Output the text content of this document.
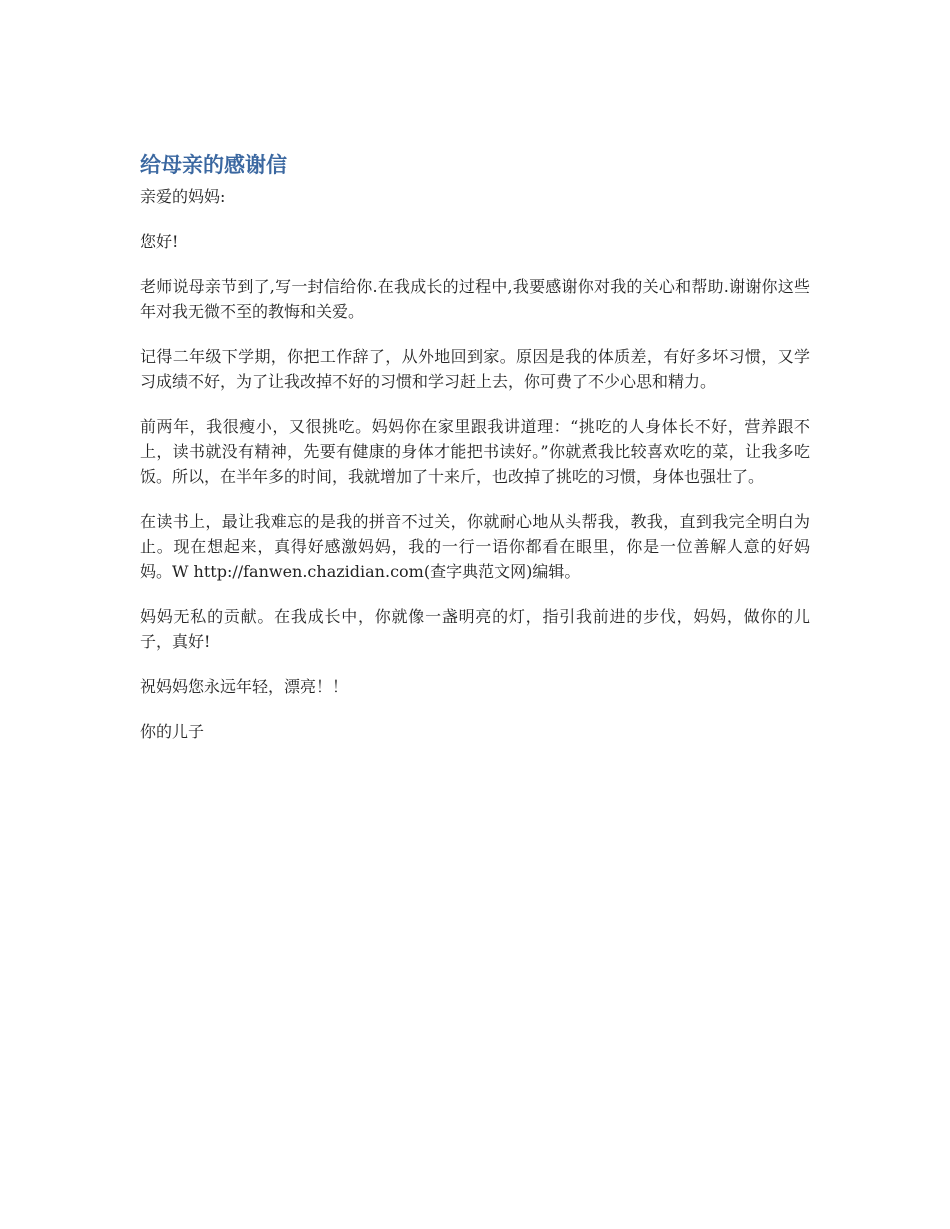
给母亲的感谢信

亲爱的妈妈:

您好!

老师说母亲节到了,写一封信给你.在我成长的过程中,我要感谢你对我的关心和帮助.谢谢你这些年对我无微不至的教悔和关爱。

记得二年级下学期，你把工作辞了，从外地回到家。原因是我的体质差，有好多坏习惯，又学习成绩不好，为了让我改掉不好的习惯和学习赶上去，你可费了不少心思和精力。

前两年，我很瘦小，又很挑吃。妈妈你在家里跟我讲道理：“挑吃的人身体长不好，营养跟不上，读书就没有精神，先要有健康的身体才能把书读好。”你就煮我比较喜欢吃的菜，让我多吃饭。所以，在半年多的时间，我就增加了十来斤，也改掉了挑吃的习惯，身体也强壮了。

在读书上，最让我难忘的是我的拼音不过关，你就耐心地从头帮我，教我，直到我完全明白为止。现在想起来，真得好感激妈妈，我的一行一语你都看在眼里，你是一位善解人意的好妈妈。W http://fanwen.chazidian.com(查字典范文网)编辑。

妈妈无私的贡献。在我成长中，你就像一盏明亮的灯，指引我前进的步伐，妈妈，做你的儿子，真好!

祝妈妈您永远年轻，漂亮！！

你的儿子
